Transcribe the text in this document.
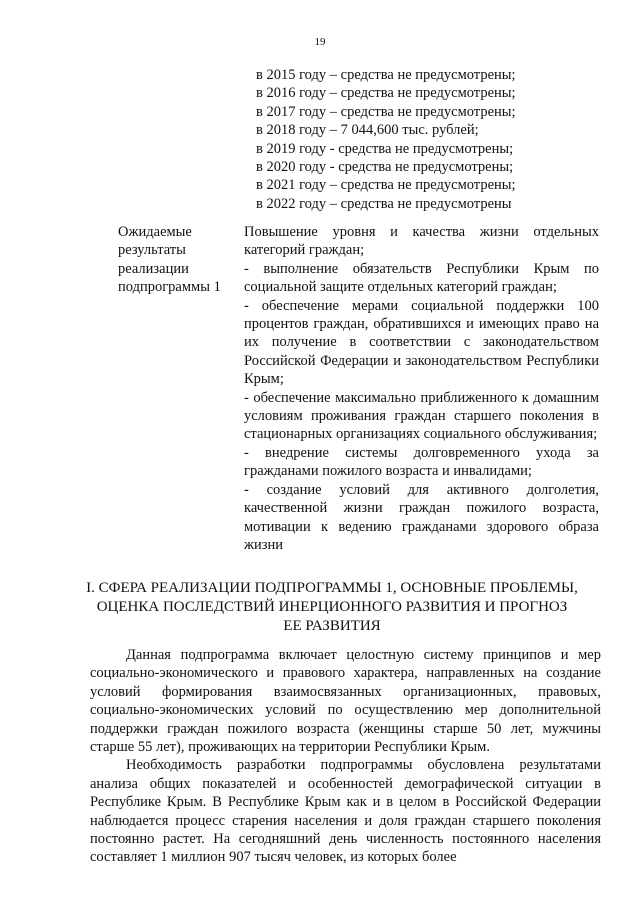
19
в 2015 году – средства не предусмотрены;
в 2016 году – средства не предусмотрены;
в 2017 году – средства не предусмотрены;
в 2018 году – 7 044,600 тыс. рублей;
в 2019 году - средства не предусмотрены;
в 2020 году - средства не предусмотрены;
в 2021 году – средства не предусмотрены;
в 2022 году – средства не предусмотрены
Ожидаемые
результаты
реализации
подпрограммы 1

Повышение уровня и качества жизни отдельных категорий граждан;

- выполнение обязательств Республики Крым по социальной защите отдельных категорий граждан;

- обеспечение мерами социальной поддержки 100 процентов граждан, обратившихся и имеющих право на их получение в соответствии с законодательством Российской Федерации и законодательством Республики Крым;

- обеспечение максимально приближенного к домашним условиям проживания граждан старшего поколения в стационарных организациях социального обслуживания;

- внедрение системы долговременного ухода за гражданами пожилого возраста и инвалидами;

- создание условий для активного долголетия, качественной жизни граждан пожилого возраста, мотивации к ведению гражданами здорового образа жизни

I. СФЕРА РЕАЛИЗАЦИИ ПОДПРОГРАММЫ 1, ОСНОВНЫЕ ПРОБЛЕМЫ,
ОЦЕНКА ПОСЛЕДСТВИЙ ИНЕРЦИОННОГО РАЗВИТИЯ И ПРОГНОЗ
ЕЕ РАЗВИТИЯ

Данная подпрограмма включает целостную систему принципов и мер социально-экономического и правового характера, направленных на создание условий формирования взаимосвязанных организационных, правовых, социально-экономических условий по осуществлению мер дополнительной поддержки граждан пожилого возраста (женщины старше 50 лет, мужчины старше 55 лет), проживающих на территории Республики Крым.

Необходимость разработки подпрограммы обусловлена результатами анализа общих показателей и особенностей демографической ситуации в Республике Крым. В Республике Крым как и в целом в Российской Федерации наблюдается процесс старения населения и доля граждан старшего поколения постоянно растет. На сегодняшний день численность постоянного населения составляет 1 миллион 907 тысяч человек, из которых более
